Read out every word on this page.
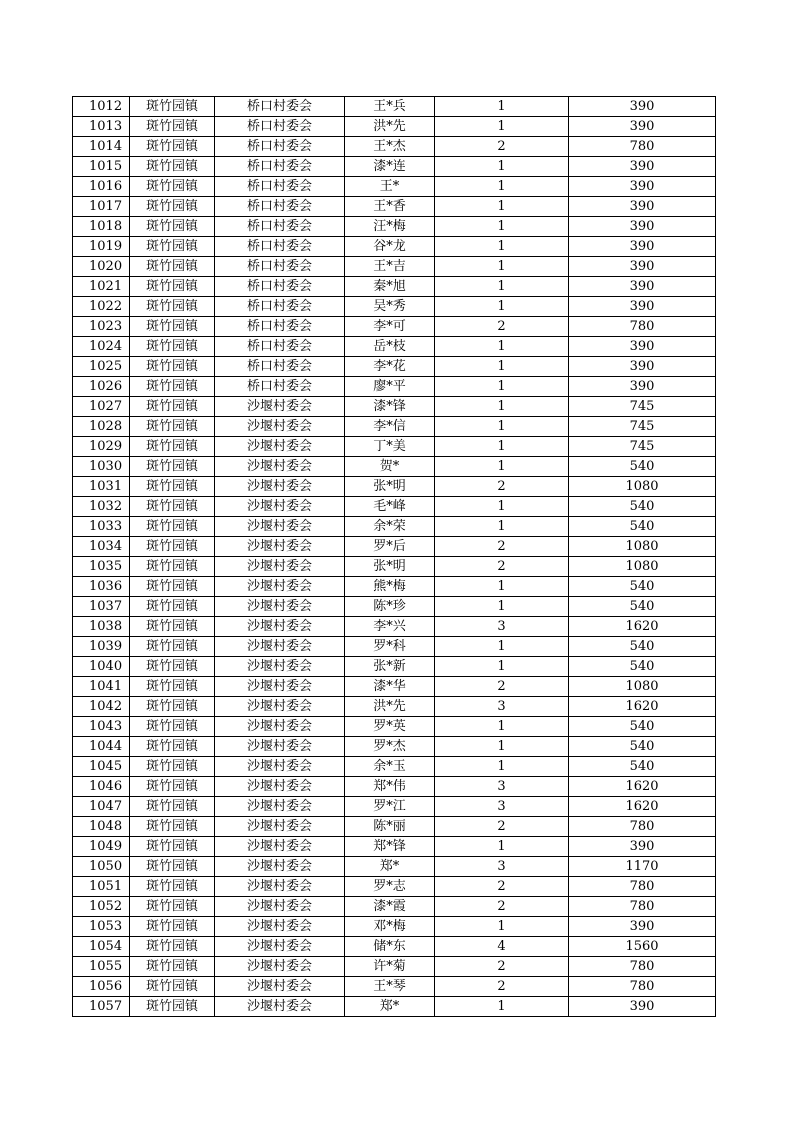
1012	斑竹园镇	桥口村委会	王*兵	1	390
1013	斑竹园镇	桥口村委会	洪*先	1	390
1014	斑竹园镇	桥口村委会	王*杰	2	780
1015	斑竹园镇	桥口村委会	漆*连	1	390
1016	斑竹园镇	桥口村委会	王*	1	390
1017	斑竹园镇	桥口村委会	王*香	1	390
1018	斑竹园镇	桥口村委会	汪*梅	1	390
1019	斑竹园镇	桥口村委会	谷*龙	1	390
1020	斑竹园镇	桥口村委会	王*吉	1	390
1021	斑竹园镇	桥口村委会	秦*旭	1	390
1022	斑竹园镇	桥口村委会	吴*秀	1	390
1023	斑竹园镇	桥口村委会	李*可	2	780
1024	斑竹园镇	桥口村委会	岳*枝	1	390
1025	斑竹园镇	桥口村委会	李*花	1	390
1026	斑竹园镇	桥口村委会	廖*平	1	390
1027	斑竹园镇	沙堰村委会	漆*锋	1	745
1028	斑竹园镇	沙堰村委会	李*信	1	745
1029	斑竹园镇	沙堰村委会	丁*美	1	745
1030	斑竹园镇	沙堰村委会	贺*	1	540
1031	斑竹园镇	沙堰村委会	张*明	2	1080
1032	斑竹园镇	沙堰村委会	毛*峰	1	540
1033	斑竹园镇	沙堰村委会	余*荣	1	540
1034	斑竹园镇	沙堰村委会	罗*后	2	1080
1035	斑竹园镇	沙堰村委会	张*明	2	1080
1036	斑竹园镇	沙堰村委会	熊*梅	1	540
1037	斑竹园镇	沙堰村委会	陈*珍	1	540
1038	斑竹园镇	沙堰村委会	李*兴	3	1620
1039	斑竹园镇	沙堰村委会	罗*科	1	540
1040	斑竹园镇	沙堰村委会	张*新	1	540
1041	斑竹园镇	沙堰村委会	漆*华	2	1080
1042	斑竹园镇	沙堰村委会	洪*先	3	1620
1043	斑竹园镇	沙堰村委会	罗*英	1	540
1044	斑竹园镇	沙堰村委会	罗*杰	1	540
1045	斑竹园镇	沙堰村委会	余*玉	1	540
1046	斑竹园镇	沙堰村委会	郑*伟	3	1620
1047	斑竹园镇	沙堰村委会	罗*江	3	1620
1048	斑竹园镇	沙堰村委会	陈*丽	2	780
1049	斑竹园镇	沙堰村委会	郑*锋	1	390
1050	斑竹园镇	沙堰村委会	郑*	3	1170
1051	斑竹园镇	沙堰村委会	罗*志	2	780
1052	斑竹园镇	沙堰村委会	漆*霞	2	780
1053	斑竹园镇	沙堰村委会	邓*梅	1	390
1054	斑竹园镇	沙堰村委会	储*东	4	1560
1055	斑竹园镇	沙堰村委会	许*菊	2	780
1056	斑竹园镇	沙堰村委会	王*琴	2	780
1057	斑竹园镇	沙堰村委会	郑*	1	390
